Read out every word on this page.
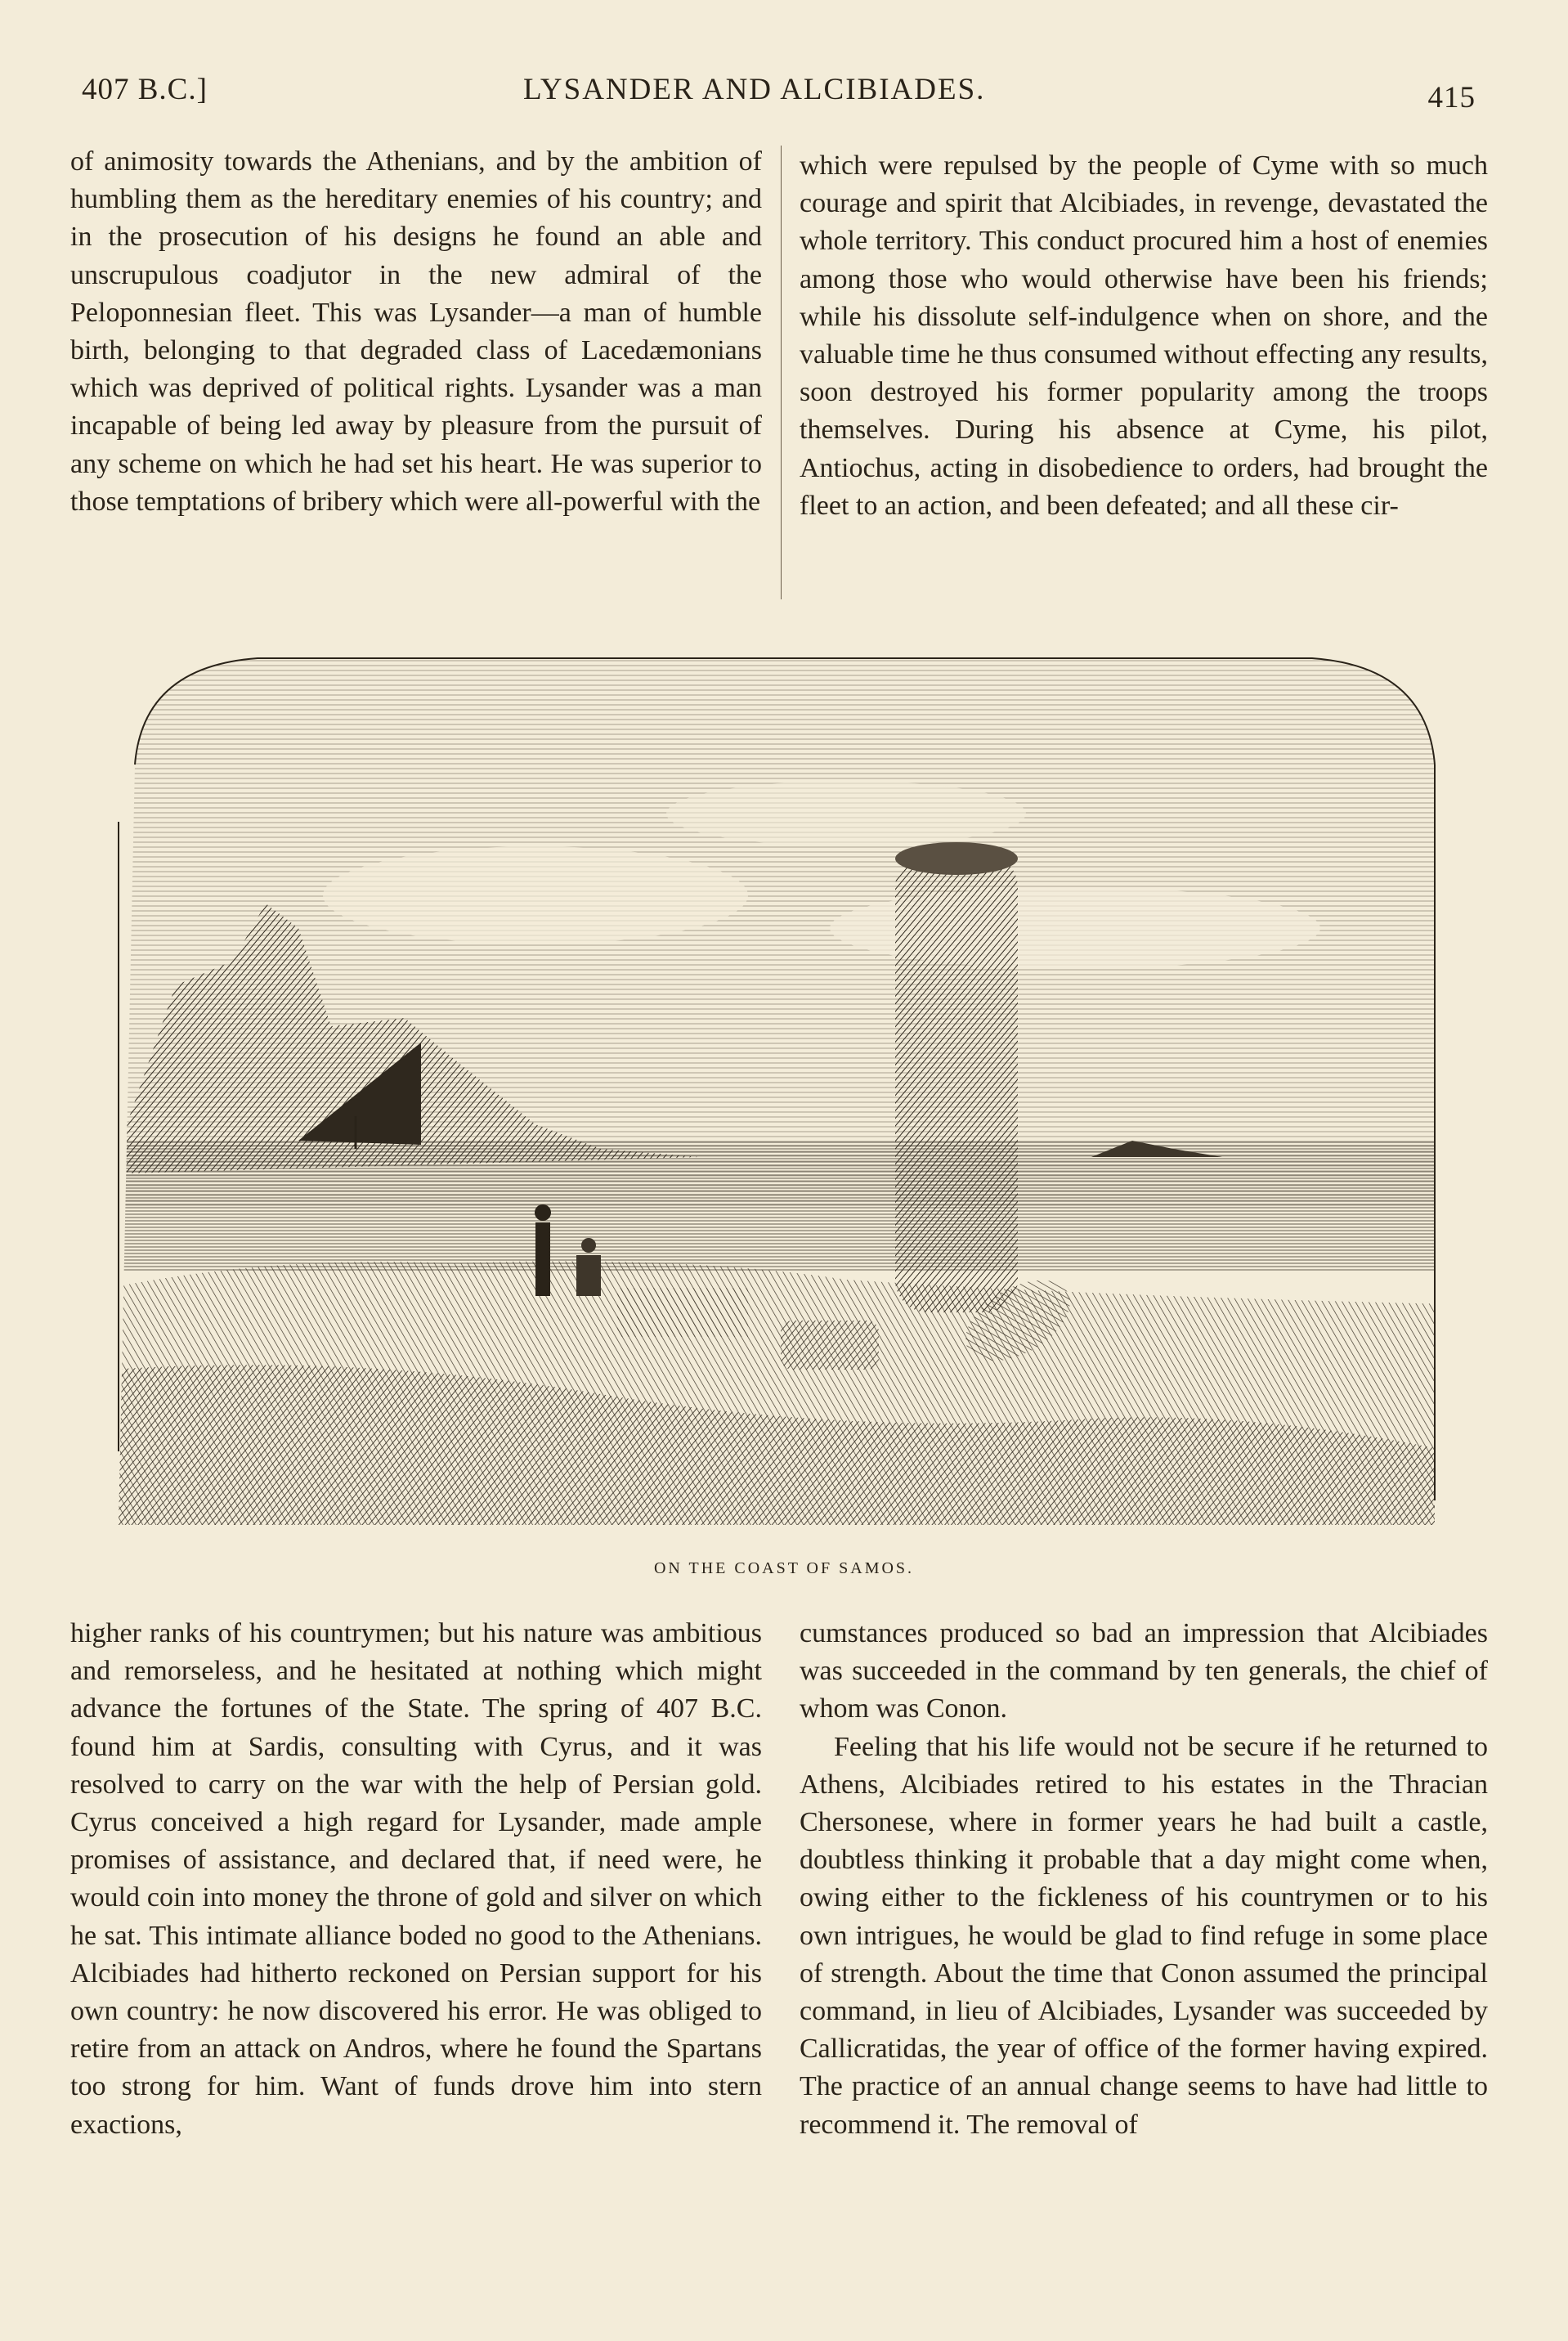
407 B.C.]	LYSANDER AND ALCIBIADES.	415

of animosity towards the Athenians, and by the ambition of humbling them as the hereditary enemies of his country; and in the prosecution of his designs he found an able and unscrupulous coadjutor in the new admiral of the Peloponnesian fleet. This was Lysander—a man of humble birth, belonging to that degraded class of Lacedæmonians which was deprived of political rights. Lysander was a man incapable of being led away by pleasure from the pursuit of any scheme on which he had set his heart. He was superior to those temptations of bribery which were all-powerful with the

which were repulsed by the people of Cyme with so much courage and spirit that Alcibiades, in revenge, devastated the whole territory. This conduct procured him a host of enemies among those who would otherwise have been his friends; while his dissolute self-indulgence when on shore, and the valuable time he thus consumed without effecting any results, soon destroyed his former popularity among the troops themselves. During his absence at Cyme, his pilot, Antiochus, acting in disobedience to orders, had brought the fleet to an action, and been defeated; and all these cir-

ON THE COAST OF SAMOS.

higher ranks of his countrymen; but his nature was ambitious and remorseless, and he hesitated at nothing which might advance the fortunes of the State. The spring of 407 B.C. found him at Sardis, consulting with Cyrus, and it was resolved to carry on the war with the help of Persian gold. Cyrus conceived a high regard for Lysander, made ample promises of assistance, and declared that, if need were, he would coin into money the throne of gold and silver on which he sat. This intimate alliance boded no good to the Athenians. Alcibiades had hitherto reckoned on Persian support for his own country: he now discovered his error. He was obliged to retire from an attack on Andros, where he found the Spartans too strong for him. Want of funds drove him into stern exactions,

cumstances produced so bad an impression that Alcibiades was succeeded in the command by ten generals, the chief of whom was Conon.

Feeling that his life would not be secure if he returned to Athens, Alcibiades retired to his estates in the Thracian Chersonese, where in former years he had built a castle, doubtless thinking it probable that a day might come when, owing either to the fickleness of his countrymen or to his own intrigues, he would be glad to find refuge in some place of strength. About the time that Conon assumed the principal command, in lieu of Alcibiades, Lysander was succeeded by Callicratidas, the year of office of the former having expired. The practice of an annual change seems to have had little to recommend it. The removal of
